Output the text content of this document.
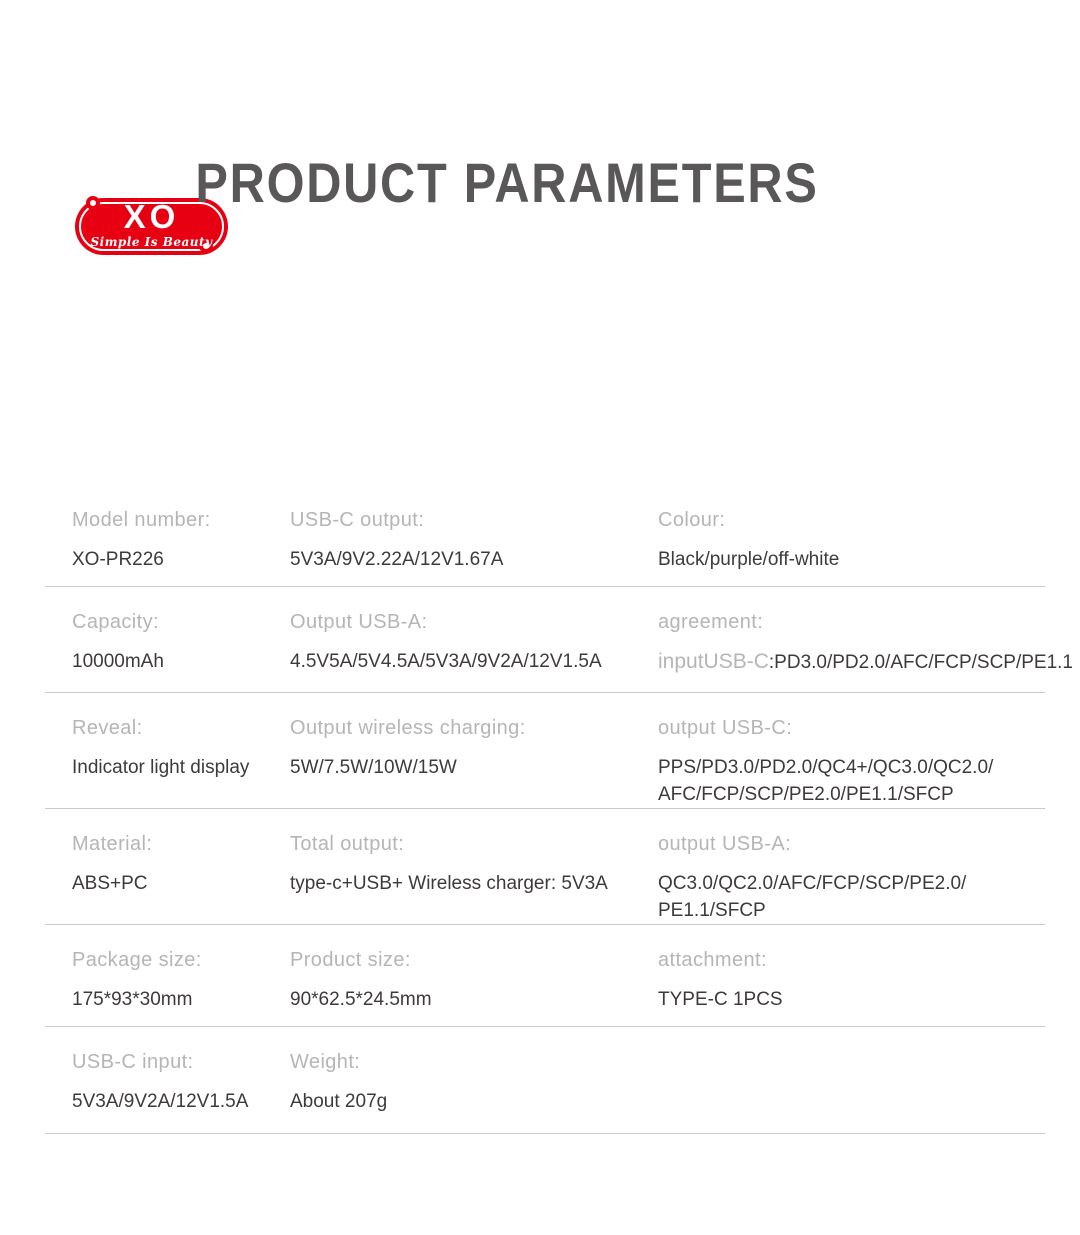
XO
Simple Is Beauty
PRODUCT PARAMETERS
Model number:
XO-PR226
USB-C output:
5V3A/9V2.22A/12V1.67A
Colour:
Black/purple/off-white
Capacity:
10000mAh
Output USB-A:
4.5V5A/5V4.5A/5V3A/9V2A/12V1.5A
agreement:
inputUSB-C:PD3.0/PD2.0/AFC/FCP/SCP/PE1.1
Reveal:
Indicator light display
Output wireless charging:
5W/7.5W/10W/15W
output USB-C:
PPS/PD3.0/PD2.0/QC4+/QC3.0/QC2.0/
AFC/FCP/SCP/PE2.0/PE1.1/SFCP
Material:
ABS+PC
Total output:
type-c+USB+ Wireless charger: 5V3A
output USB-A:
QC3.0/QC2.0/AFC/FCP/SCP/PE2.0/
PE1.1/SFCP
Package size:
175*93*30mm
Product size:
90*62.5*24.5mm
attachment:
TYPE-C 1PCS
USB-C input:
5V3A/9V2A/12V1.5A
Weight:
About 207g
